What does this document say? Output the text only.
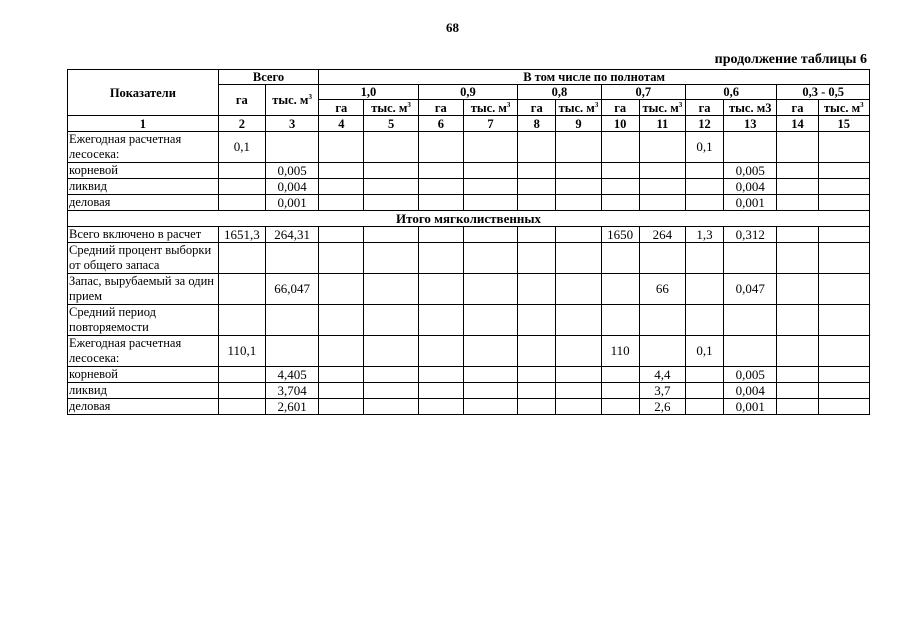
68
продолжение таблицы 6
Показатели	Всего		В том числе по полнотам											
	га	тыс. $м^3$	1,0		0,9		0,8		0,7		0,6		0,3 - 0,5	
			га	тыс. $м^3$	га	тыс. $м^3$	га	тыс. $м^3$	га	тыс. $м^3$	га	тыс. м3	га	тыс. $м^3$
1	2	3	4	5	6	7	8	9	10	11	12	13	14	15
Ежегодная расчетная лесосека:	0,1										0,1			
корневой		0,005										0,005		
ликвид		0,004										0,004		
деловая		0,001										0,001		
Итого мягколиственных														
Всего включено в расчет	1651,3	264,31							1650	264	1,3	0,312		
Средний процент выборки от общего запаса														
Запас, вырубаемый за один прием		66,047								66		0,047		
Средний период повторяемости														
Ежегодная расчетная лесосека:	110,1								110		0,1			
корневой		4,405								4,4		0,005		
ликвид		3,704								3,7		0,004		
деловая		2,601								2,6		0,001		
